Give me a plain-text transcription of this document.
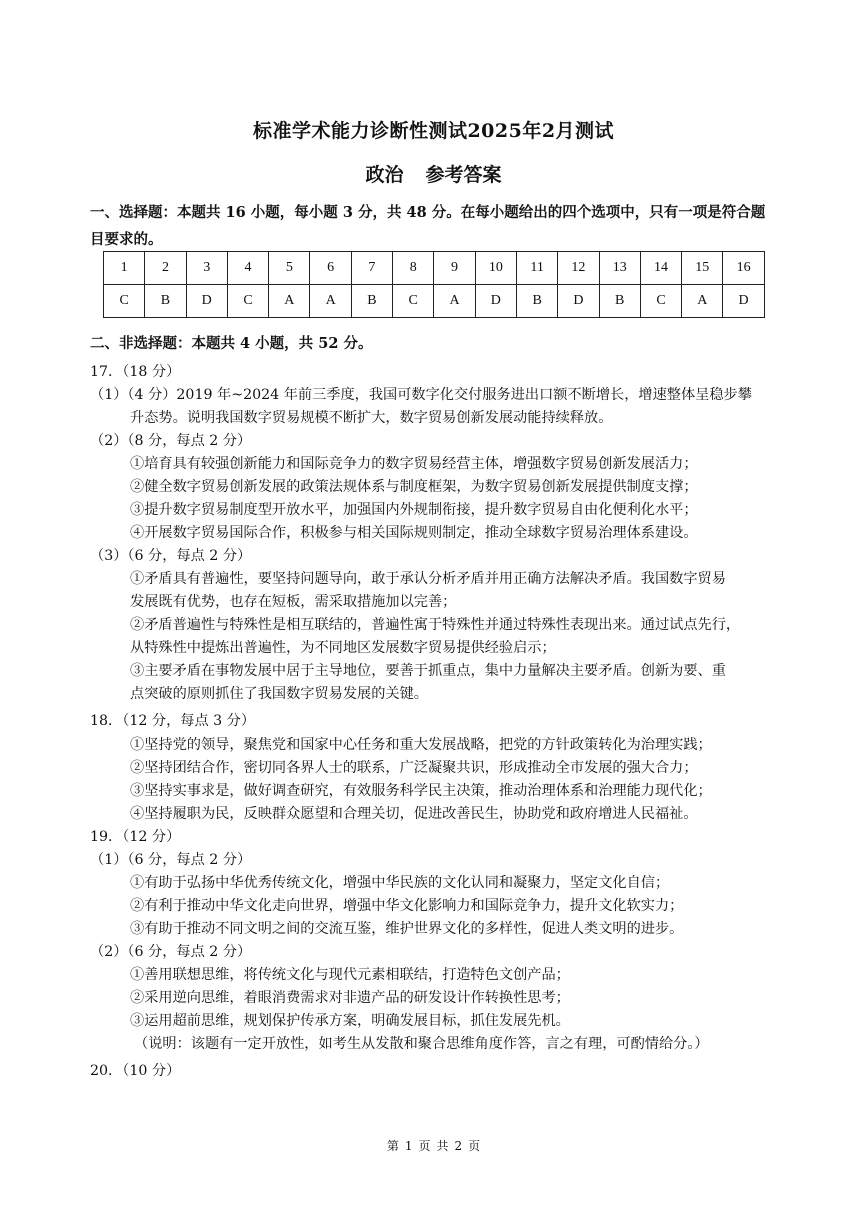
标准学术能力诊断性测试2025年2月测试
政治 参考答案
一、选择题：本题共 16 小题，每小题 3 分，共 48 分。在每小题给出的四个选项中，只有一项是符合题
目要求的。
1	2	3	4	5	6	7	8	9	10	11	12	13	14	15	16
C	B	D	C	A	A	B	C	A	D	B	D	B	C	A	D
二、非选择题：本题共 4 小题，共 52 分。
17．（18 分）
（1）（4 分）2019 年~2024 年前三季度，我国可数字化交付服务进出口额不断增长，增速整体呈稳步攀
升态势。说明我国数字贸易规模不断扩大，数字贸易创新发展动能持续释放。
（2）（8 分，每点 2 分）
①培育具有较强创新能力和国际竞争力的数字贸易经营主体，增强数字贸易创新发展活力；
②健全数字贸易创新发展的政策法规体系与制度框架，为数字贸易创新发展提供制度支撑；
③提升数字贸易制度型开放水平，加强国内外规制衔接，提升数字贸易自由化便利化水平；
④开展数字贸易国际合作，积极参与相关国际规则制定，推动全球数字贸易治理体系建设。
（3）（6 分，每点 2 分）
①矛盾具有普遍性，要坚持问题导向，敢于承认分析矛盾并用正确方法解决矛盾。我国数字贸易
发展既有优势，也存在短板，需采取措施加以完善；
②矛盾普遍性与特殊性是相互联结的，普遍性寓于特殊性并通过特殊性表现出来。通过试点先行，
从特殊性中提炼出普遍性，为不同地区发展数字贸易提供经验启示；
③主要矛盾在事物发展中居于主导地位，要善于抓重点，集中力量解决主要矛盾。创新为要、重
点突破的原则抓住了我国数字贸易发展的关键。
18．（12 分，每点 3 分）
①坚持党的领导，聚焦党和国家中心任务和重大发展战略，把党的方针政策转化为治理实践；
②坚持团结合作，密切同各界人士的联系，广泛凝聚共识，形成推动全市发展的强大合力；
③坚持实事求是，做好调查研究，有效服务科学民主决策，推动治理体系和治理能力现代化；
④坚持履职为民，反映群众愿望和合理关切，促进改善民生，协助党和政府增进人民福祉。
19．（12 分）
（1）（6 分，每点 2 分）
①有助于弘扬中华优秀传统文化，增强中华民族的文化认同和凝聚力，坚定文化自信；
②有利于推动中华文化走向世界，增强中华文化影响力和国际竞争力，提升文化软实力；
③有助于推动不同文明之间的交流互鉴，维护世界文化的多样性，促进人类文明的进步。
（2）（6 分，每点 2 分）
①善用联想思维，将传统文化与现代元素相联结，打造特色文创产品；
②采用逆向思维，着眼消费需求对非遗产品的研发设计作转换性思考；
③运用超前思维，规划保护传承方案，明确发展目标，抓住发展先机。
（说明：该题有一定开放性，如考生从发散和聚合思维角度作答，言之有理，可酌情给分。）
20．（10 分）
第 1 页 共 2 页
